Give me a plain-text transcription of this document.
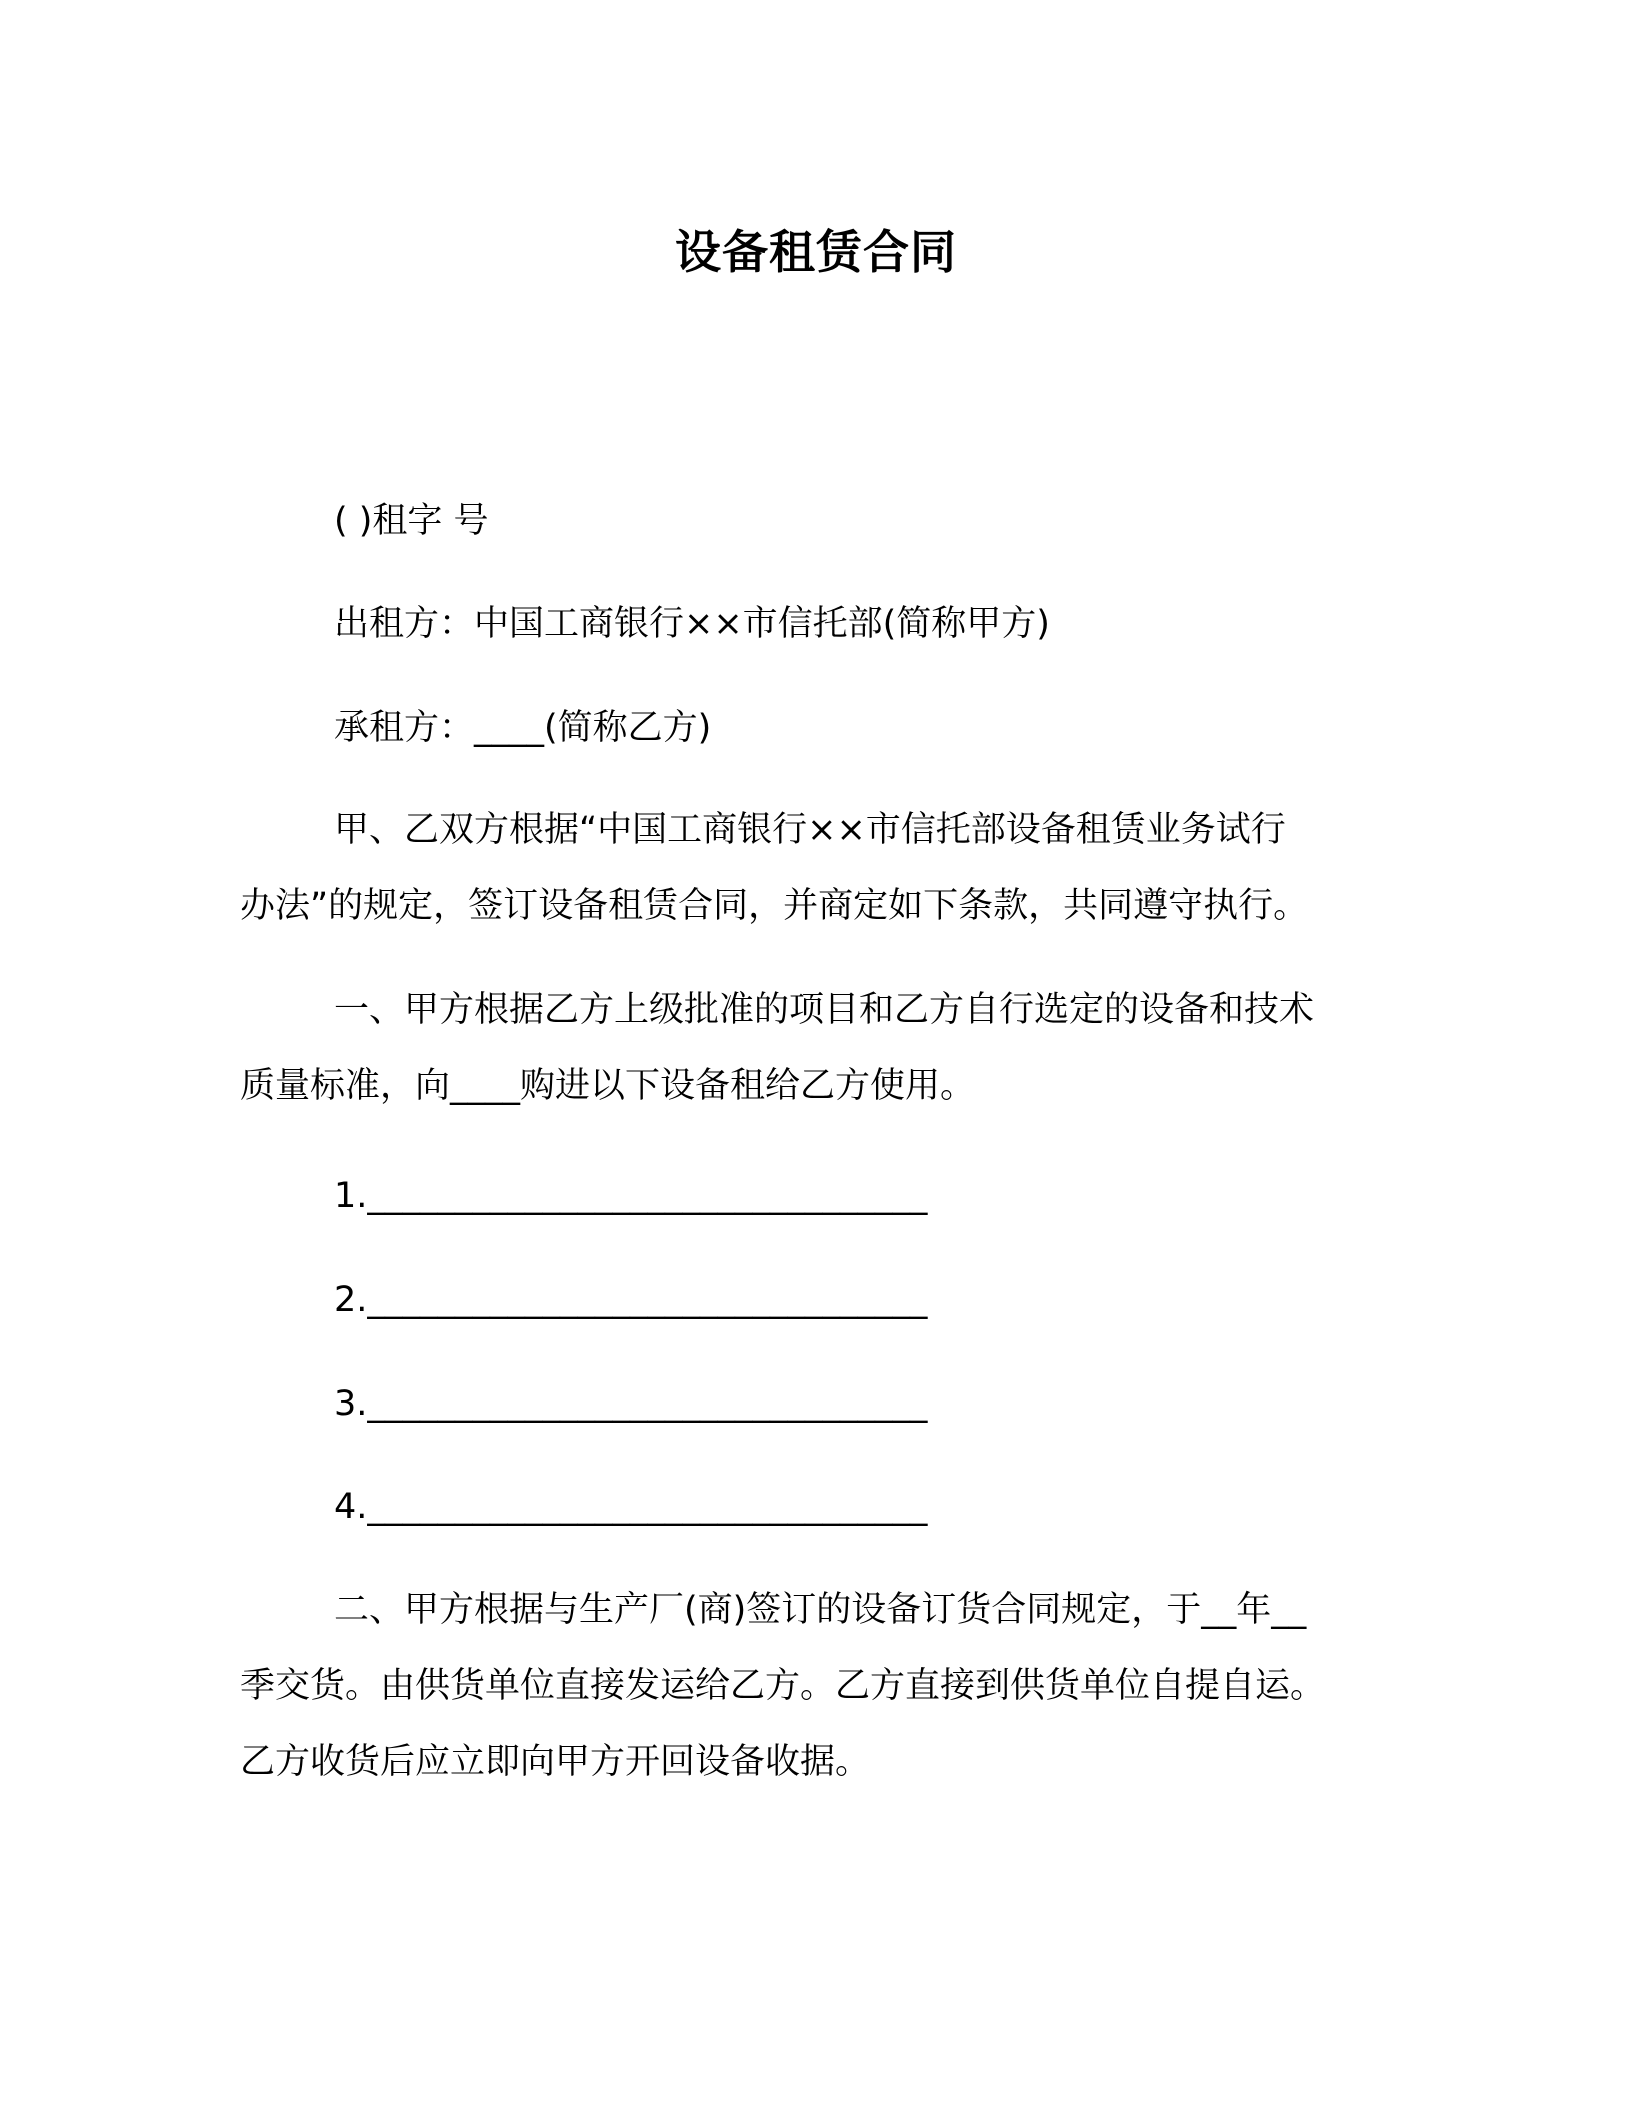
设备租赁合同
( )租字 号
出租方：中国工商银行××市信托部(简称甲方)
承租方：____(简称乙方)
甲、乙双方根据“中国工商银行××市信托部设备租赁业务试行
办法”的规定，签订设备租赁合同，并商定如下条款，共同遵守执行。
一、甲方根据乙方上级批准的项目和乙方自行选定的设备和技术
质量标准，向____购进以下设备租给乙方使用。
1.________________________________
2.________________________________
3.________________________________
4.________________________________
二、甲方根据与生产厂(商)签订的设备订货合同规定，于__年__
季交货。由供货单位直接发运给乙方。乙方直接到供货单位自提自运。
乙方收货后应立即向甲方开回设备收据。
